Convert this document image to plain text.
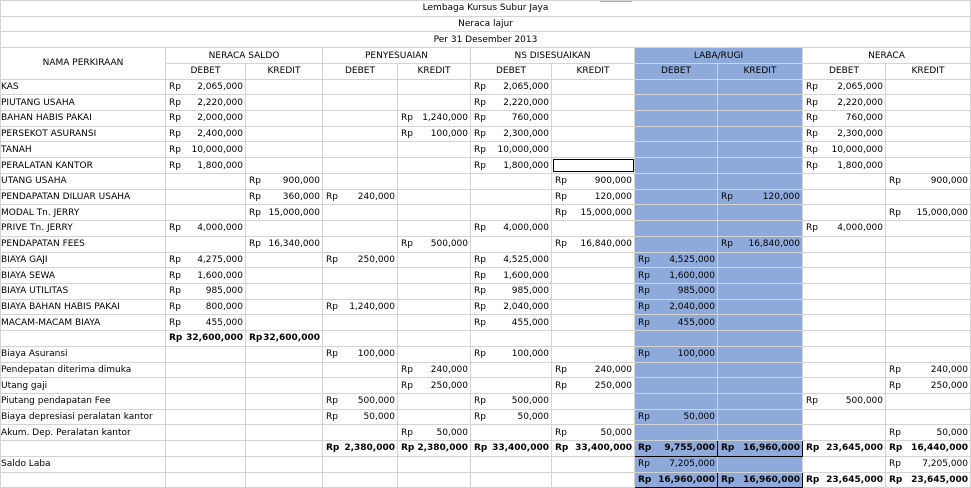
Lembaga Kursus Subur Jaya										
Neraca lajur										
Per 31 Desember 2013										
NAMA PERKIRAAN	NERACA SALDO		PENYESUAIAN		NS DISESUAIKAN		LABA/RUGI		NERACA	
	DEBET	KREDIT	DEBET	KREDIT	DEBET	KREDIT	DEBET	KREDIT	DEBET	KREDIT
KAS	Rp 2,065,000				Rp 2,065,000				Rp 2,065,000	

PIUTANG USAHA	Rp 2,220,000				Rp 2,220,000				Rp 2,220,000	

BAHAN HABIS PAKAI	Rp 2,000,000			Rp 1,240,000	Rp 760,000				Rp 760,000	

PERSEKOT ASURANSI	Rp 2,400,000			Rp 100,000	Rp 2,300,000				Rp 2,300,000	

TANAH	Rp 10,000,000				Rp 10,000,000				Rp 10,000,000	

PERALATAN KANTOR	Rp 1,800,000				Rp 1,800,000				Rp 1,800,000	

UTANG USAHA		Rp 900,000				Rp 900,000				Rp 900,000

PENDAPATAN DILUAR USAHA		Rp 360,000	Rp 240,000			Rp 120,000		Rp 120,000		

MODAL Tn. JERRY		Rp 15,000,000				Rp 15,000,000				Rp 15,000,000

PRIVE Tn. JERRY	Rp 4,000,000				Rp 4,000,000				Rp 4,000,000	

PENDAPATAN FEES		Rp 16,340,000		Rp 500,000		Rp 16,840,000		Rp 16,840,000		

BIAYA GAJI	Rp 4,275,000		Rp 250,000		Rp 4,525,000		Rp 4,525,000			

BIAYA SEWA	Rp 1,600,000				Rp 1,600,000		Rp 1,600,000			

BIAYA UTILITAS	Rp 985,000				Rp 985,000		Rp 985,000			

BIAYA BAHAN HABIS PAKAI	Rp 800,000		Rp 1,240,000		Rp 2,040,000		Rp 2,040,000			

MACAM-MACAM BIAYA	Rp 455,000				Rp 455,000		Rp 455,000			

	Rp 32,600,000	Rp 32,600,000								

Biaya Asuransi			Rp 100,000		Rp 100,000		Rp 100,000			

Pendepatan diterima dimuka				Rp 240,000		Rp 240,000				Rp 240,000

Utang gaji				Rp 250,000		Rp 250,000				Rp 250,000

Piutang pendapatan Fee			Rp 500,000		Rp 500,000				Rp 500,000	

Biaya depresiasi peralatan kantor			Rp 50,000		Rp 50,000		Rp 50,000			

Akum. Dep. Peralatan kantor				Rp 50,000		Rp 50,000				Rp 50,000

			Rp 2,380,000	Rp 2,380,000	Rp 33,400,000	Rp 33,400,000	Rp 9,755,000	Rp 16,960,000	Rp 23,645,000	Rp 16,440,000

Saldo Laba							Rp 7,205,000			Rp 7,205,000

							Rp 16,960,000	Rp 16,960,000	Rp 23,645,000	Rp 23,645,000
